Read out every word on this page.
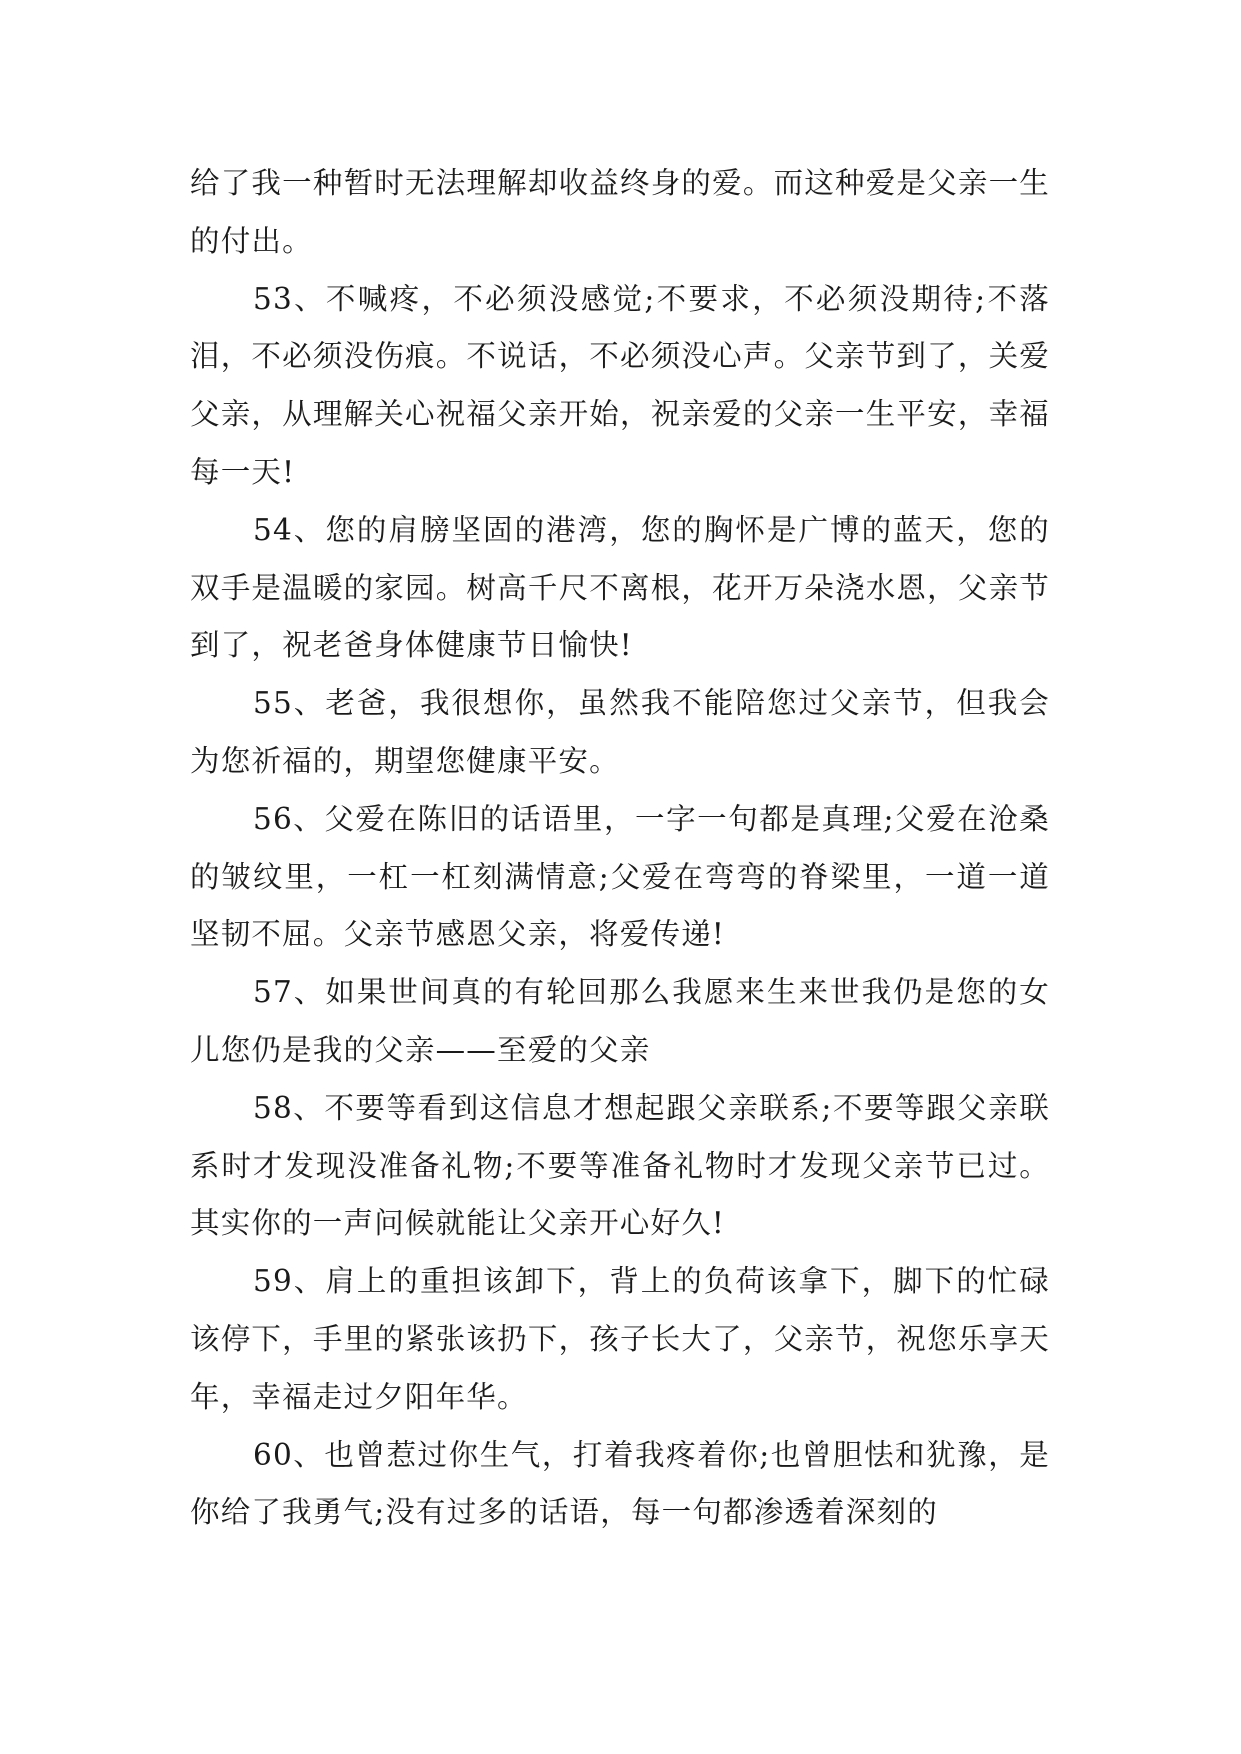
给了我一种暂时无法理解却收益终身的爱。而这种爱是父亲一生的付出。

53、不喊疼，不必须没感觉;不要求，不必须没期待;不落泪，不必须没伤痕。不说话，不必须没心声。父亲节到了，关爱父亲，从理解关心祝福父亲开始，祝亲爱的父亲一生平安，幸福每一天!

54、您的肩膀坚固的港湾，您的胸怀是广博的蓝天，您的双手是温暖的家园。树高千尺不离根，花开万朵浇水恩，父亲节到了，祝老爸身体健康节日愉快!

55、老爸，我很想你，虽然我不能陪您过父亲节，但我会为您祈福的，期望您健康平安。

56、父爱在陈旧的话语里，一字一句都是真理;父爱在沧桑的皱纹里，一杠一杠刻满情意;父爱在弯弯的脊梁里，一道一道坚韧不屈。父亲节感恩父亲，将爱传递!

57、如果世间真的有轮回那么我愿来生来世我仍是您的女儿您仍是我的父亲——至爱的父亲

58、不要等看到这信息才想起跟父亲联系;不要等跟父亲联系时才发现没准备礼物;不要等准备礼物时才发现父亲节已过。其实你的一声问候就能让父亲开心好久!

59、肩上的重担该卸下，背上的负荷该拿下，脚下的忙碌该停下，手里的紧张该扔下，孩子长大了，父亲节，祝您乐享天年，幸福走过夕阳年华。

60、也曾惹过你生气，打着我疼着你;也曾胆怯和犹豫，是你给了我勇气;没有过多的话语，每一句都渗透着深刻的
